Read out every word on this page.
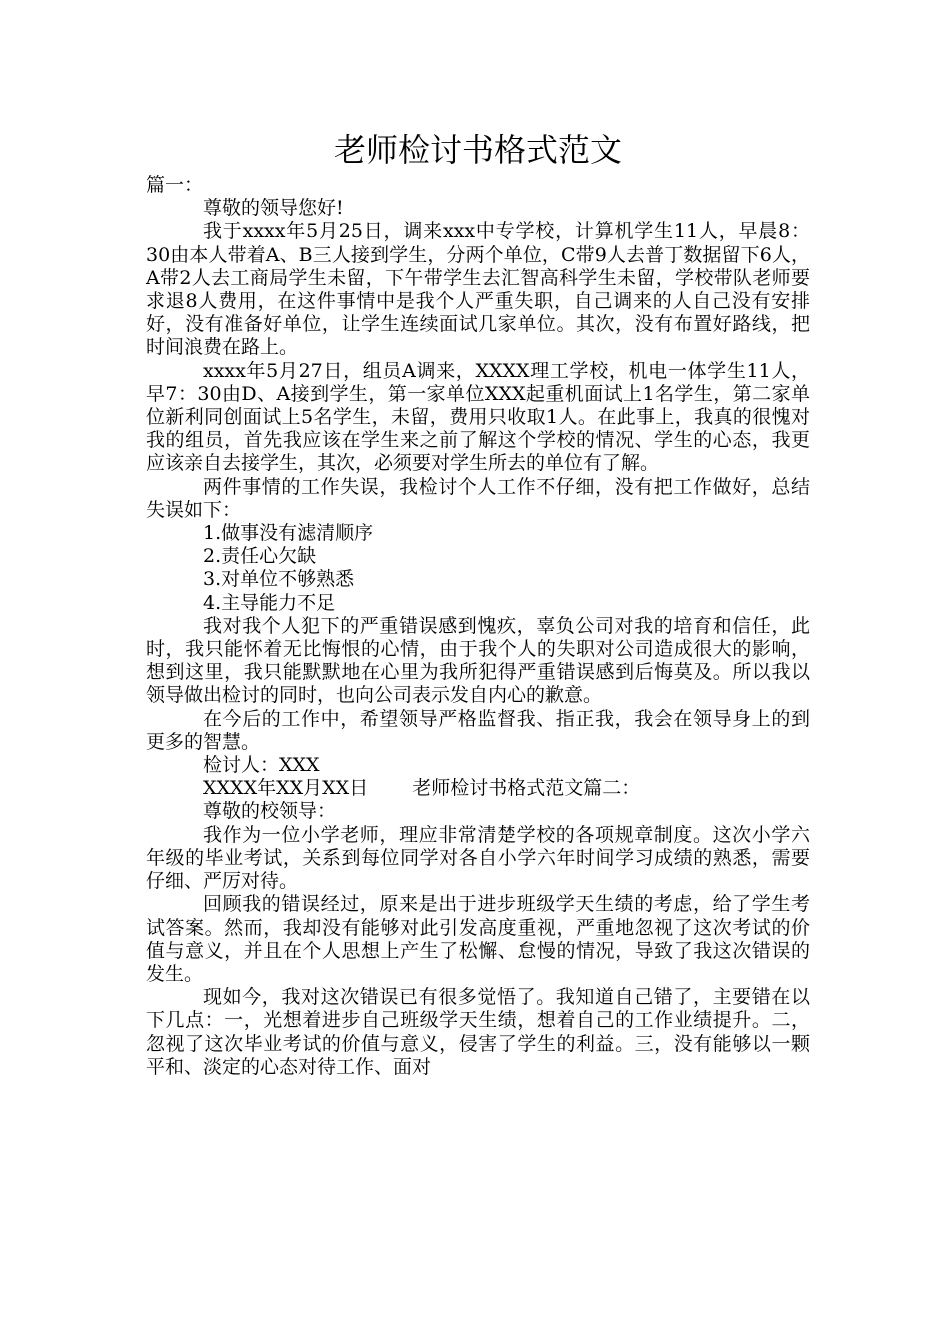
老师检讨书格式范文

篇一：

尊敬的领导您好!

我于xxxx年5月25日，调来xxx中专学校，计算机学生11人，早晨8：30由本人带着A、B三人接到学生，分两个单位，C带9人去普丁数据留下6人，A带2人去工商局学生未留，下午带学生去汇智高科学生未留，学校带队老师要求退8人费用，在这件事情中是我个人严重失职，自己调来的人自己没有安排好，没有准备好单位，让学生连续面试几家单位。其次，没有布置好路线，把时间浪费在路上。

xxxx年5月27日，组员A调来，XXXX理工学校，机电一体学生11人，早7：30由D、A接到学生，第一家单位XXX起重机面试上1名学生，第二家单位新利同创面试上5名学生，未留，费用只收取1人。在此事上，我真的很愧对我的组员，首先我应该在学生来之前了解这个学校的情况、学生的心态，我更应该亲自去接学生，其次，必须要对学生所去的单位有了解。

两件事情的工作失误，我检讨个人工作不仔细，没有把工作做好，总结失误如下：

1.做事没有滤清顺序

2.责任心欠缺

3.对单位不够熟悉

4.主导能力不足

我对我个人犯下的严重错误感到愧疚，辜负公司对我的培育和信任，此时，我只能怀着无比悔恨的心情，由于我个人的失职对公司造成很大的影响，想到这里，我只能默默地在心里为我所犯得严重错误感到后悔莫及。所以我以领导做出检讨的同时，也向公司表示发自内心的歉意。

在今后的工作中，希望领导严格监督我、指正我，我会在领导身上的到更多的智慧。

检讨人：XXX

XXXX年XX月XX日 老师检讨书格式范文篇二：

尊敬的校领导：

我作为一位小学老师，理应非常清楚学校的各项规章制度。这次小学六年级的毕业考试，关系到每位同学对各自小学六年时间学习成绩的熟悉，需要仔细、严厉对待。

回顾我的错误经过，原来是出于进步班级学天生绩的考虑，给了学生考试答案。然而，我却没有能够对此引发高度重视，严重地忽视了这次考试的价值与意义，并且在个人思想上产生了松懈、怠慢的情况，导致了我这次错误的发生。

现如今，我对这次错误已有很多觉悟了。我知道自己错了，主要错在以下几点：一，光想着进步自己班级学天生绩，想着自己的工作业绩提升。二，忽视了这次毕业考试的价值与意义，侵害了学生的利益。三，没有能够以一颗平和、淡定的心态对待工作、面对
